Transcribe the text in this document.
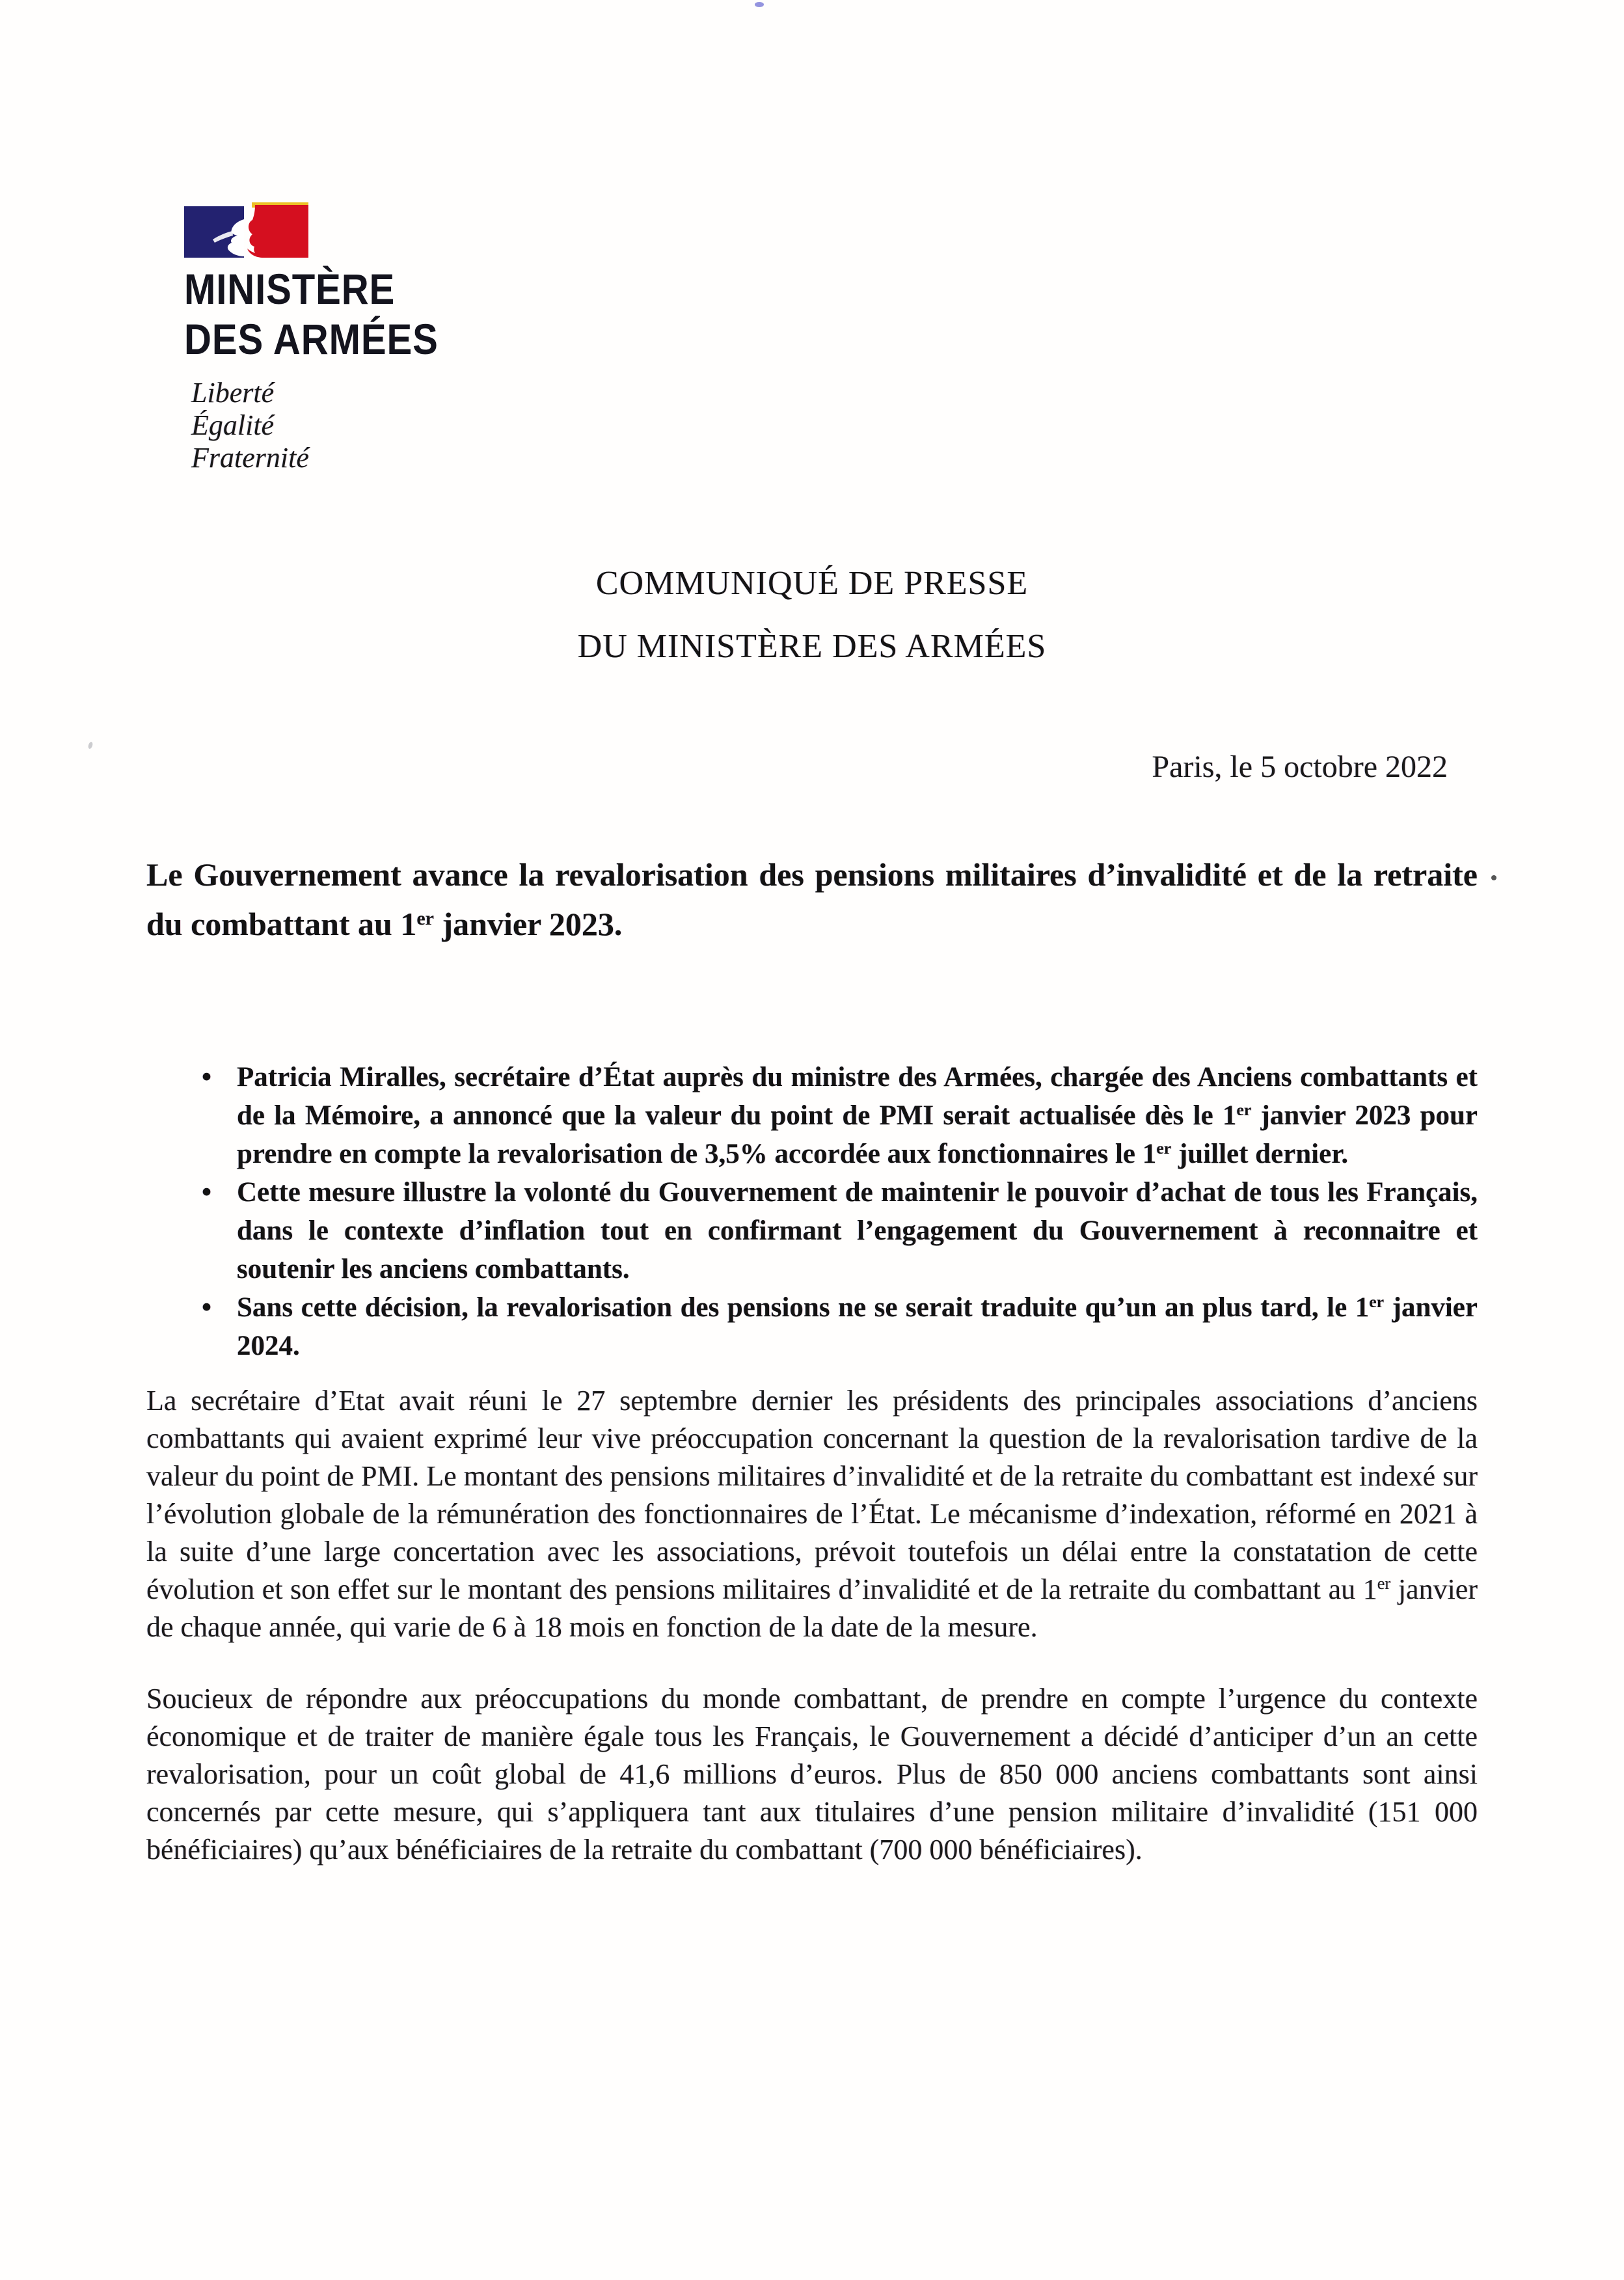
MINISTÈRE
DES ARMÉES
Liberté
Égalité
Fraternité
COMMUNIQUÉ DE PRESSE
DU MINISTÈRE DES ARMÉES
Paris, le 5 octobre 2022
Le Gouvernement avance la revalorisation des pensions militaires d’invalidité et de la retraite du combattant au 1er janvier 2023.
• Patricia Miralles, secrétaire d’État auprès du ministre des Armées, chargée des Anciens combattants et de la Mémoire, a annoncé que la valeur du point de PMI serait actualisée dès le 1er janvier 2023 pour prendre en compte la revalorisation de 3,5% accordée aux fonctionnaires le 1er juillet dernier.
• Cette mesure illustre la volonté du Gouvernement de maintenir le pouvoir d’achat de tous les Français, dans le contexte d’inflation tout en confirmant l’engagement du Gouvernement à reconnaitre et soutenir les anciens combattants.
• Sans cette décision, la revalorisation des pensions ne se serait traduite qu’un an plus tard, le 1er janvier 2024.
La secrétaire d’Etat avait réuni le 27 septembre dernier les présidents des principales associations d’anciens combattants qui avaient exprimé leur vive préoccupation concernant la question de la revalorisation tardive de la valeur du point de PMI. Le montant des pensions militaires d’invalidité et de la retraite du combattant est indexé sur l’évolution globale de la rémunération des fonctionnaires de l’État. Le mécanisme d’indexation, réformé en 2021 à la suite d’une large concertation avec les associations, prévoit toutefois un délai entre la constatation de cette évolution et son effet sur le montant des pensions militaires d’invalidité et de la retraite du combattant au 1er janvier de chaque année, qui varie de 6 à 18 mois en fonction de la date de la mesure.
Soucieux de répondre aux préoccupations du monde combattant, de prendre en compte l’urgence du contexte économique et de traiter de manière égale tous les Français, le Gouvernement a décidé d’anticiper d’un an cette revalorisation, pour un coût global de 41,6 millions d’euros. Plus de 850 000 anciens combattants sont ainsi concernés par cette mesure, qui s’appliquera tant aux titulaires d’une pension militaire d’invalidité (151 000 bénéficiaires) qu’aux bénéficiaires de la retraite du combattant (700 000 bénéficiaires).
